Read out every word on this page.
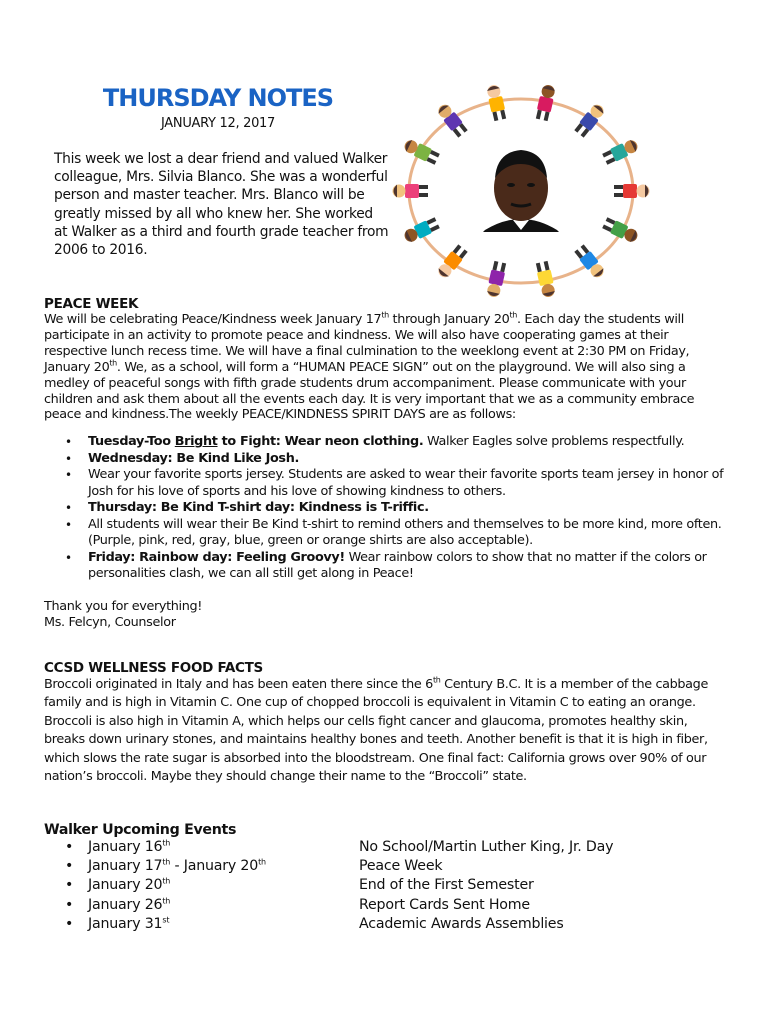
THURSDAY NOTES
JANUARY 12, 2017

This week we lost a dear friend and valued Walker colleague, Mrs. Silvia Blanco. She was a wonderful person and master teacher. Mrs. Blanco will be greatly missed by all who knew her. She worked at Walker as a third and fourth grade teacher from 2006 to 2016.

PEACE WEEK

We will be celebrating Peace/Kindness week January 17th through January 20th. Each day the students will participate in an activity to promote peace and kindness. We will also have cooperating games at their respective lunch recess time. We will have a final culmination to the weeklong event at 2:30 PM on Friday, January 20th. We, as a school, will form a “HUMAN PEACE SIGN” out on the playground. We will also sing a medley of peaceful songs with fifth grade students drum accompaniment. Please communicate with your children and ask them about all the events each day. It is very important that we as a community embrace peace and kindness.The weekly PEACE/KINDNESS SPIRIT DAYS are as follows:

• Tuesday-Too Bright to Fight: Wear neon clothing. Walker Eagles solve problems respectfully.
• Wednesday: Be Kind Like Josh.
• Wear your favorite sports jersey. Students are asked to wear their favorite sports team jersey in honor of Josh for his love of sports and his love of showing kindness to others.
• Thursday: Be Kind T-shirt day: Kindness is T-riffic.
• All students will wear their Be Kind t-shirt to remind others and themselves to be more kind, more often. (Purple, pink, red, gray, blue, green or orange shirts are also acceptable).
• Friday: Rainbow day: Feeling Groovy! Wear rainbow colors to show that no matter if the colors or personalities clash, we can all still get along in Peace!
Thank you for everything!
Ms. Felcyn, Counselor
CCSD WELLNESS FOOD FACTS

Broccoli originated in Italy and has been eaten there since the 6th Century B.C. It is a member of the cabbage family and is high in Vitamin C. One cup of chopped broccoli is equivalent in Vitamin C to eating an orange. Broccoli is also high in Vitamin A, which helps our cells fight cancer and glaucoma, promotes healthy skin, breaks down urinary stones, and maintains healthy bones and teeth. Another benefit is that it is high in fiber, which slows the rate sugar is absorbed into the bloodstream. One final fact: California grows over 90% of our nation’s broccoli. Maybe they should change their name to the “Broccoli” state.

Walker Upcoming Events
• January 16th	No School/Martin Luther King, Jr. Day
• January 17th - January 20th	Peace Week
• January 20th	End of the First Semester
• January 26th	Report Cards Sent Home
• January 31st	Academic Awards Assemblies
